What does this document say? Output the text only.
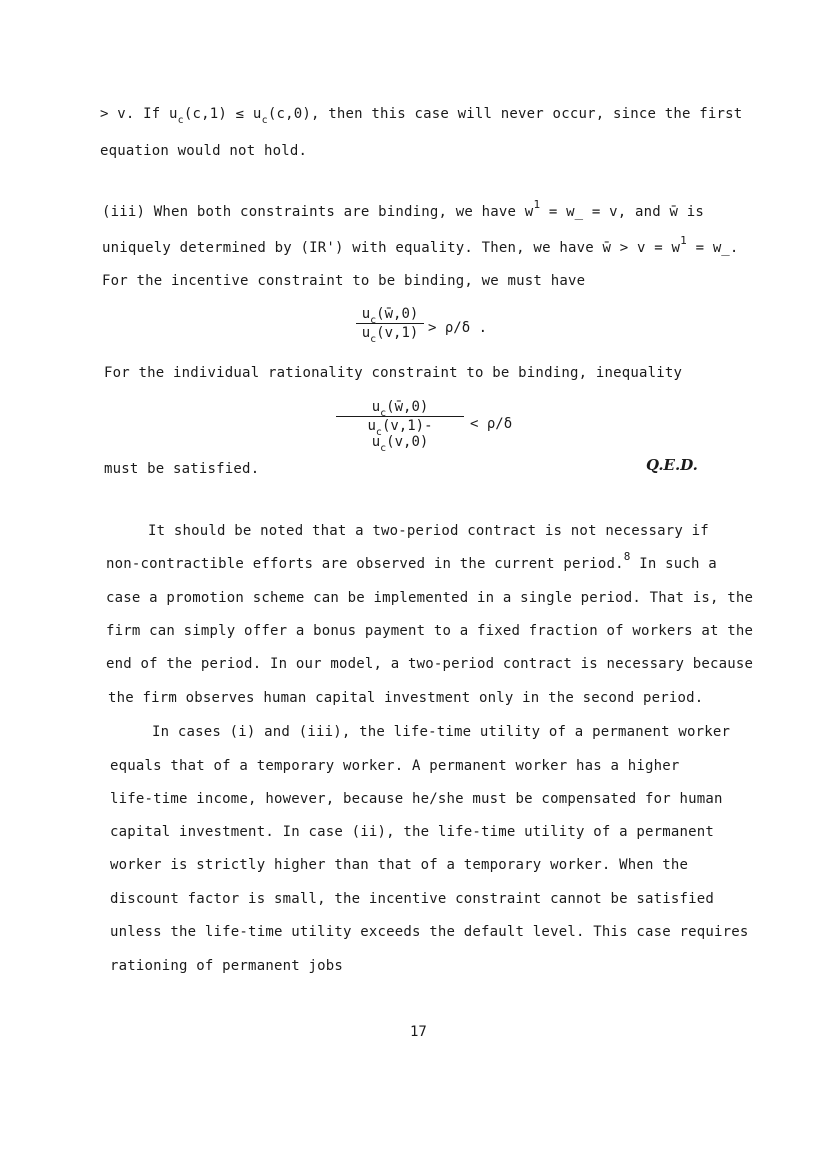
> v. If $u_c(c,1) \le u_c(c,0)$, then this case will never occur, since the first
equation would not hold.
(iii) When both constraints are binding, we have $w^1$ = w̲ = v, and w̄ is
uniquely determined by (IR') with equality. Then, we have w̄ > $v = w^1$ = w̲.
For the incentive constraint to be binding, we must have
$u_c(w̄,0)$
$u_c(v,1) > \rho/\delta$ .
For the individual rationality constraint to be binding, inequality
$u_c(w̄,0)$
$u_c(v,1)-u_c(v,0)$
< ρ/δ
must be satisfied.	Q.E.D.
It should be noted that a two-period contract is not necessary if
non-contractible efforts are observed in the current period.$^8$ In such a
case a promotion scheme can be implemented in a single period. That is, the
firm can simply offer a bonus payment to a fixed fraction of workers at the
end of the period. In our model, a two-period contract is necessary because
the firm observes human capital investment only in the second period.
In cases (i) and (iii), the life-time utility of a permanent worker
equals that of a temporary worker. A permanent worker has a higher
life-time income, however, because he/she must be compensated for human
capital investment. In case (ii), the life-time utility of a permanent
worker is strictly higher than that of a temporary worker. When the
discount factor is small, the incentive constraint cannot be satisfied
unless the life-time utility exceeds the default level. This case requires
rationing of permanent jobs
17
